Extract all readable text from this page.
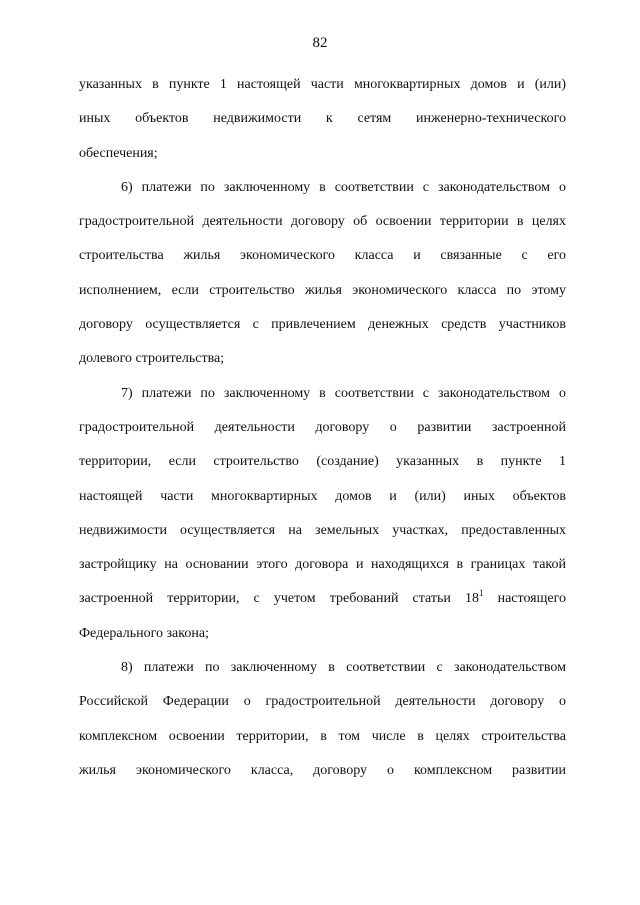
82

указанных в пункте 1 настоящей части многоквартирных домов и (или)
иных объектов недвижимости к сетям инженерно-технического
обеспечения;

6) платежи по заключенному в соответствии с законодательством о
градостроительной деятельности договору об освоении территории в целях
строительства жилья экономического класса и связанные с его
исполнением, если строительство жилья экономического класса по этому
договору осуществляется с привлечением денежных средств участников
долевого строительства;

7) платежи по заключенному в соответствии с законодательством о
градостроительной деятельности договору о развитии застроенной
территории, если строительство (создание) указанных в пункте 1
настоящей части многоквартирных домов и (или) иных объектов
недвижимости осуществляется на земельных участках, предоставленных
застройщику на основании этого договора и находящихся в границах такой
застроенной территории, с учетом требований статьи $18^1$ настоящего
Федерального закона;

8) платежи по заключенному в соответствии с законодательством
Российской Федерации о градостроительной деятельности договору о
комплексном освоении территории, в том числе в целях строительства
жилья экономического класса, договору о комплексном развитии
